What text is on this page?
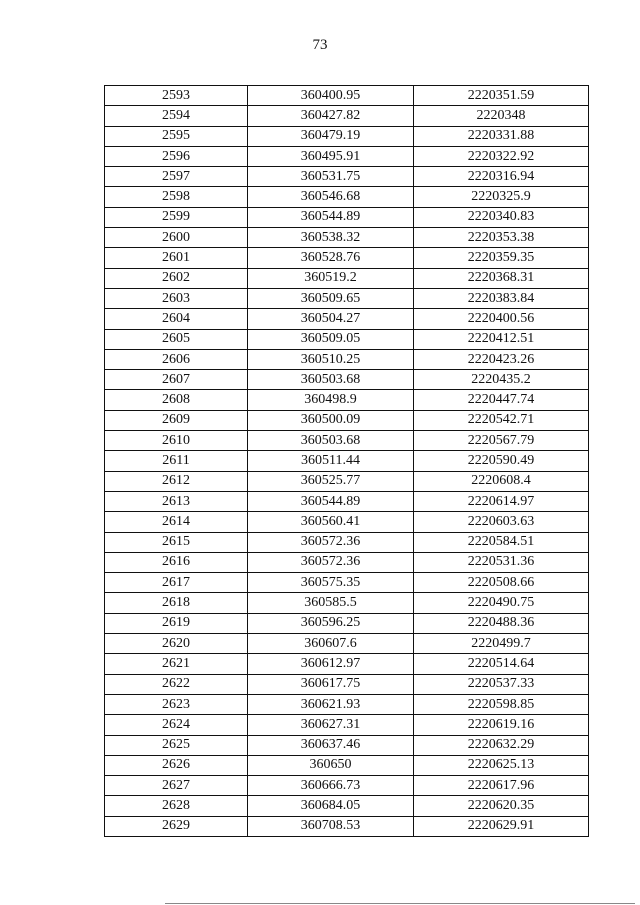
73
2593	360400.95	2220351.59
2594	360427.82	2220348
2595	360479.19	2220331.88
2596	360495.91	2220322.92
2597	360531.75	2220316.94
2598	360546.68	2220325.9
2599	360544.89	2220340.83
2600	360538.32	2220353.38
2601	360528.76	2220359.35
2602	360519.2	2220368.31
2603	360509.65	2220383.84
2604	360504.27	2220400.56
2605	360509.05	2220412.51
2606	360510.25	2220423.26
2607	360503.68	2220435.2
2608	360498.9	2220447.74
2609	360500.09	2220542.71
2610	360503.68	2220567.79
2611	360511.44	2220590.49
2612	360525.77	2220608.4
2613	360544.89	2220614.97
2614	360560.41	2220603.63
2615	360572.36	2220584.51
2616	360572.36	2220531.36
2617	360575.35	2220508.66
2618	360585.5	2220490.75
2619	360596.25	2220488.36
2620	360607.6	2220499.7
2621	360612.97	2220514.64
2622	360617.75	2220537.33
2623	360621.93	2220598.85
2624	360627.31	2220619.16
2625	360637.46	2220632.29
2626	360650	2220625.13
2627	360666.73	2220617.96
2628	360684.05	2220620.35
2629	360708.53	2220629.91
